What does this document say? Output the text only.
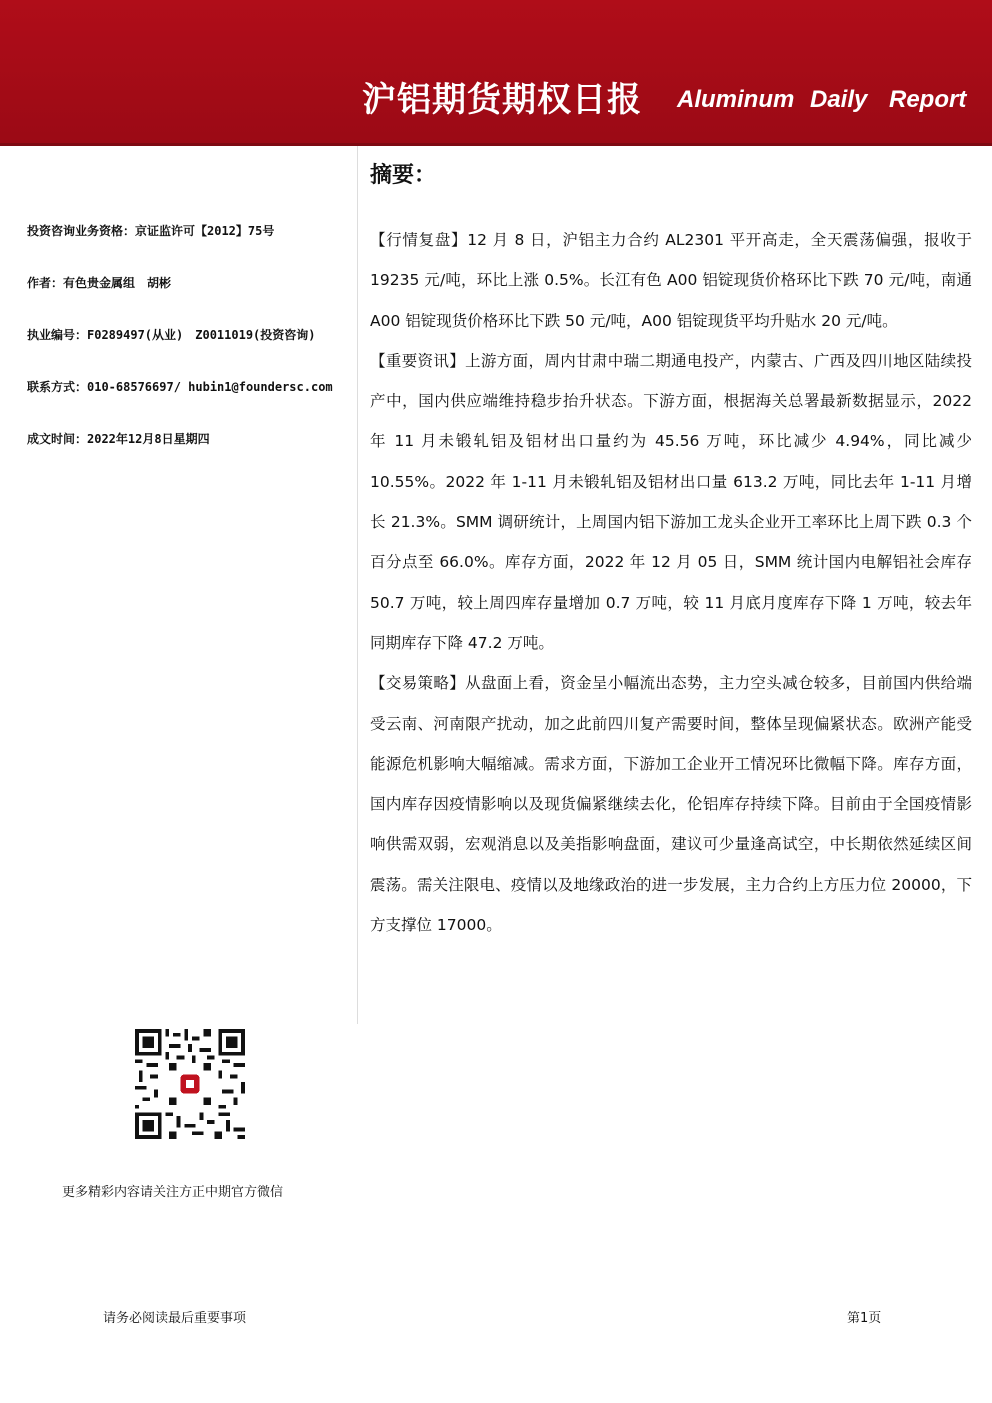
沪铝期货期权日报 Aluminum Daily Report
投资咨询业务资格：京证监许可【2012】75号
作者：有色贵金属组　胡彬
执业编号：F0289497(从业)　Z0011019(投资咨询)
联系方式：010-68576697/ hubin1@foundersc.com
成文时间：2022年12月8日星期四
摘要：

【行情复盘】12 月 8 日，沪铝主力合约 AL2301 平开高走，全天震荡偏强，报收于 19235 元/吨，环比上涨 0.5%。长江有色 A00 铝锭现货价格环比下跌 70 元/吨，南通 A00 铝锭现货价格环比下跌 50 元/吨，A00 铝锭现货平均升贴水 20 元/吨。

【重要资讯】上游方面，周内甘肃中瑞二期通电投产，内蒙古、广西及四川地区陆续投产中，国内供应端维持稳步抬升状态。下游方面，根据海关总署最新数据显示，2022 年 11 月未锻轧铝及铝材出口量约为 45.56 万吨，环比减少 4.94%，同比减少 10.55%。2022 年 1-11 月未锻轧铝及铝材出口量 613.2 万吨，同比去年 1-11 月增长 21.3%。SMM 调研统计，上周国内铝下游加工龙头企业开工率环比上周下跌 0.3 个百分点至 66.0%。库存方面，2022 年 12 月 05 日，SMM 统计国内电解铝社会库存 50.7 万吨，较上周四库存量增加 0.7 万吨，较 11 月底月度库存下降 1 万吨，较去年同期库存下降 47.2 万吨。

【交易策略】从盘面上看，资金呈小幅流出态势，主力空头减仓较多，目前国内供给端受云南、河南限产扰动，加之此前四川复产需要时间，整体呈现偏紧状态。欧洲产能受能源危机影响大幅缩减。需求方面，下游加工企业开工情况环比微幅下降。库存方面，国内库存因疫情影响以及现货偏紧继续去化，伦铝库存持续下降。目前由于全国疫情影响供需双弱，宏观消息以及美指影响盘面，建议可少量逢高试空，中长期依然延续区间震荡。需关注限电、疫情以及地缘政治的进一步发展，主力合约上方压力位 20000，下方支撑位 17000。

更多精彩内容请关注方正中期官方微信
请务必阅读最后重要事项	第1页
